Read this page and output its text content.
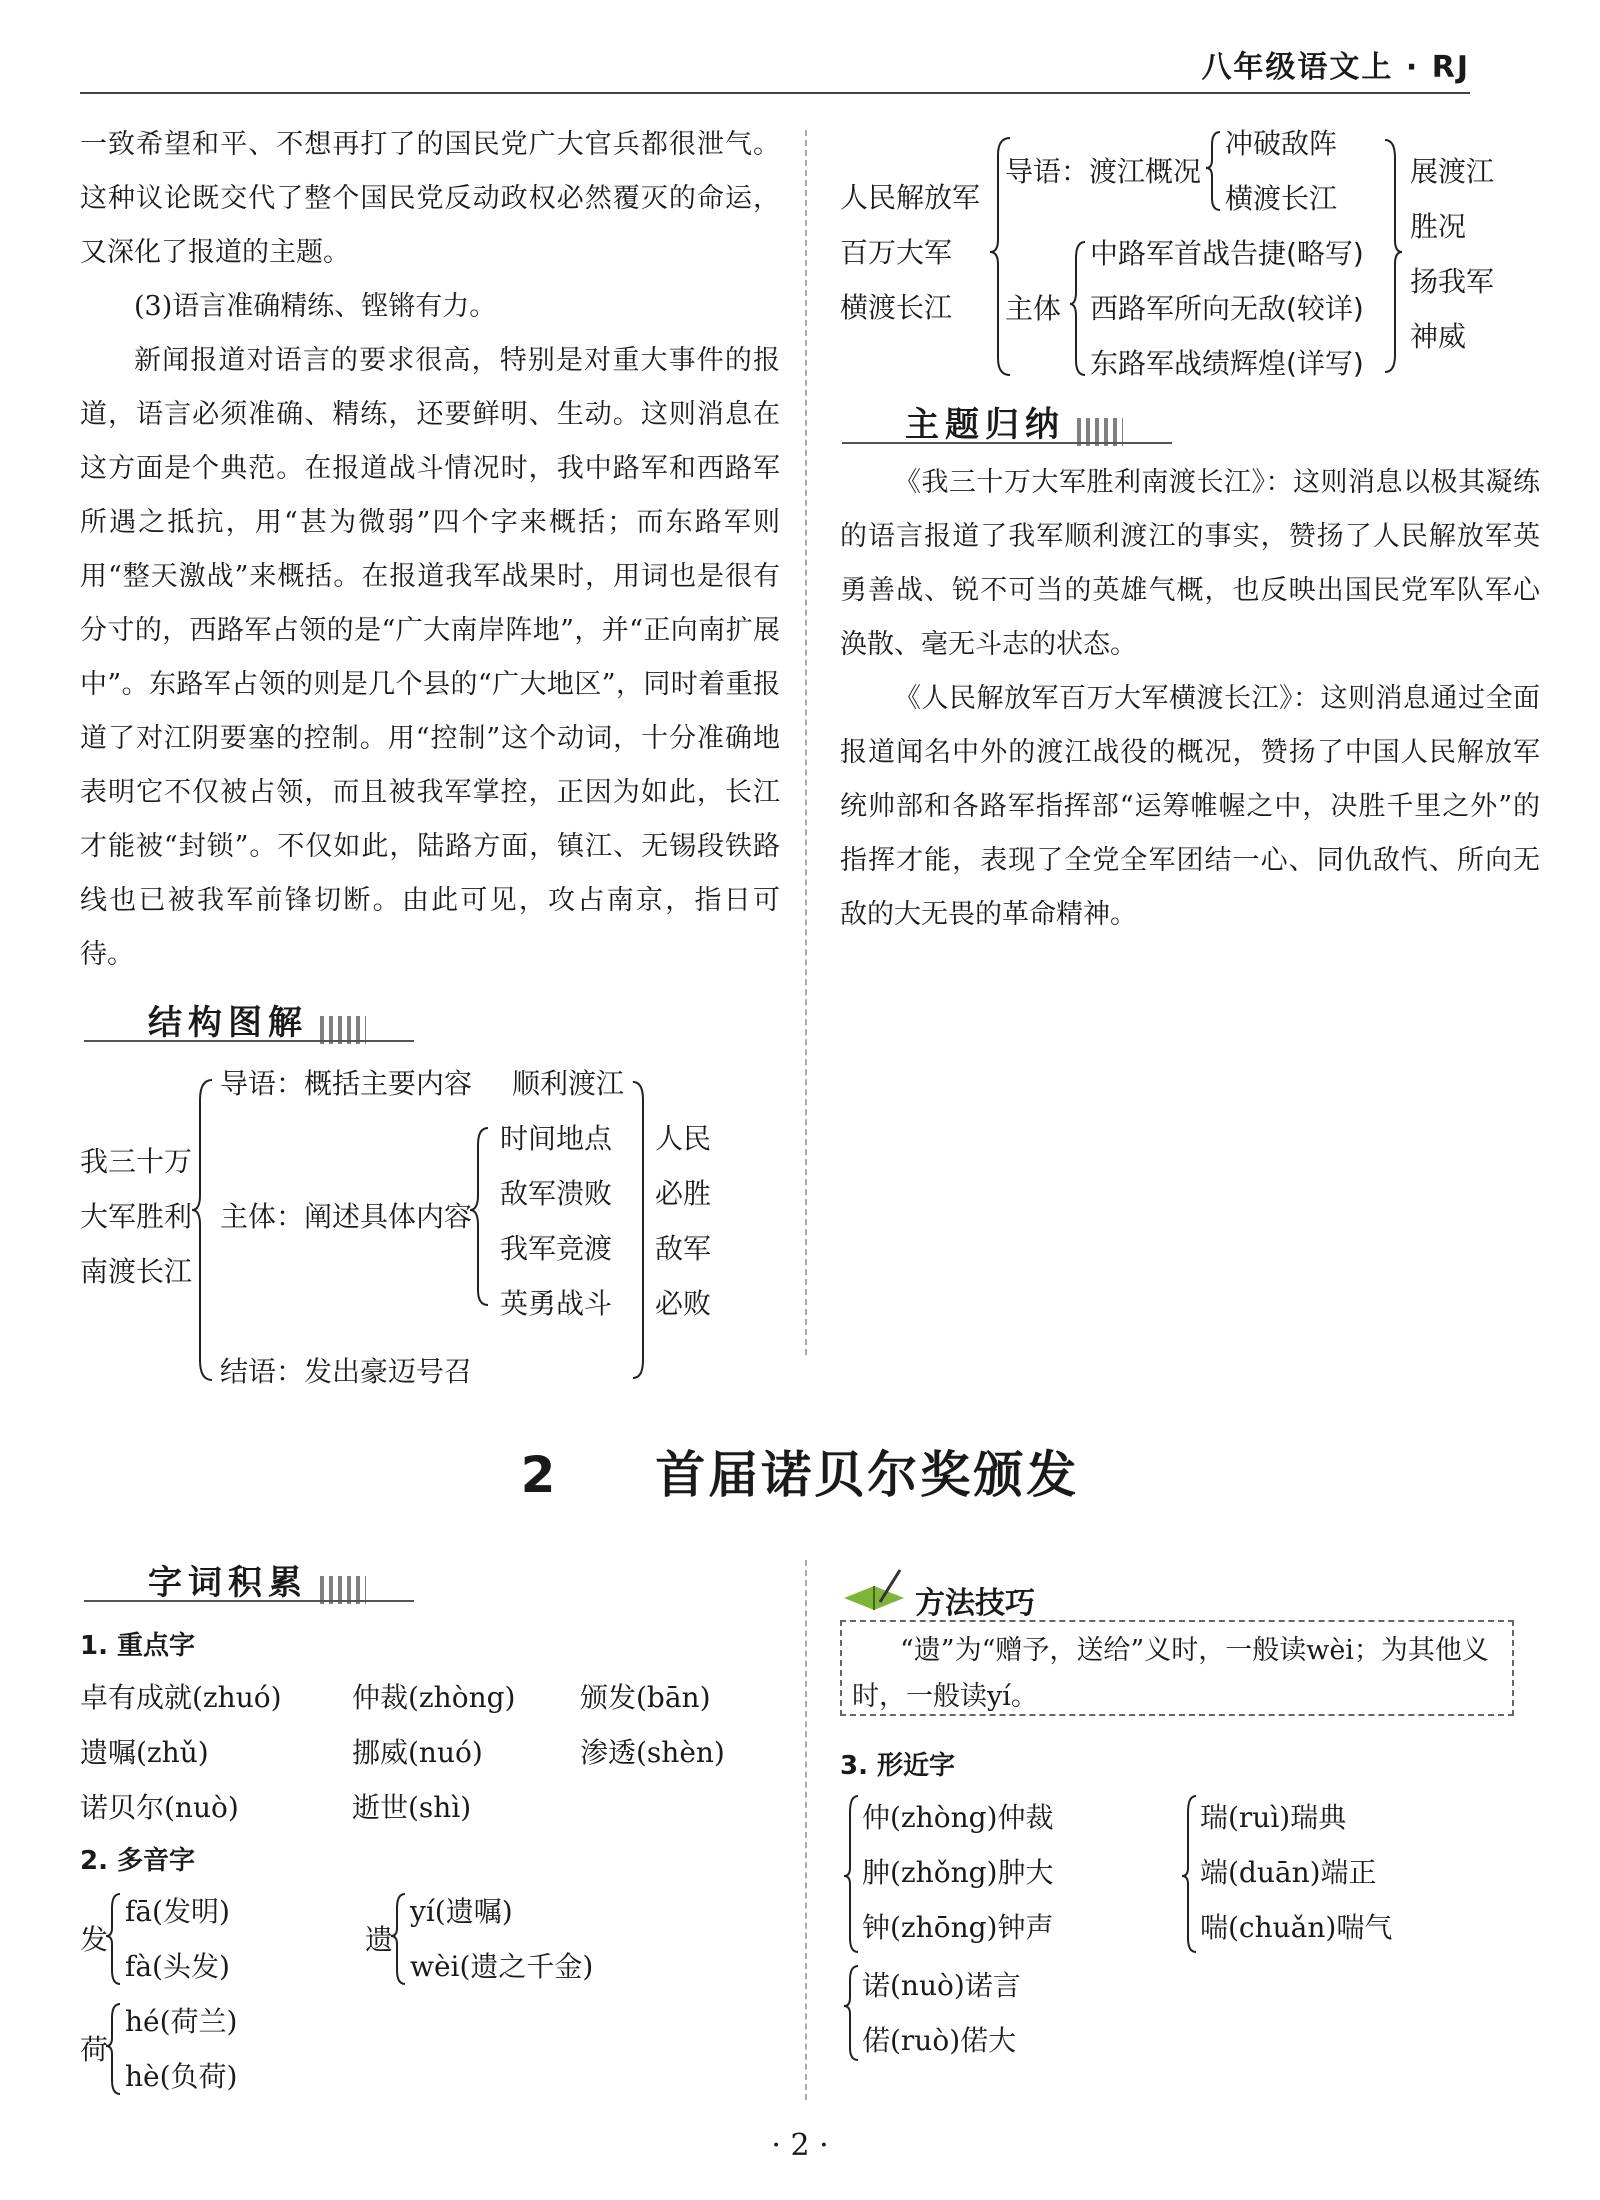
八年级语文上 · RJ
一致希望和平、不想再打了的国民党广大官兵都很泄气。这种议论既交代了整个国民党反动政权必然覆灭的命运，又深化了报道的主题。
(3)语言准确精练、铿锵有力。
新闻报道对语言的要求很高，特别是对重大事件的报道，语言必须准确、精练，还要鲜明、生动。这则消息在这方面是个典范。在报道战斗情况时，我中路军和西路军所遇之抵抗，用“甚为微弱”四个字来概括；而东路军则用“整天激战”来概括。在报道我军战果时，用词也是很有分寸的，西路军占领的是“广大南岸阵地”，并“正向南扩展中”。东路军占领的则是几个县的“广大地区”，同时着重报道了对江阴要塞的控制。用“控制”这个动词，十分准确地表明它不仅被占领，而且被我军掌控，正因为如此，长江才能被“封锁”。不仅如此，陆路方面，镇江、无锡段铁路线也已被我军前锋切断。由此可见，攻占南京，指日可待。
结构图解
我三十万
大军胜利
南渡长江
导语：概括主要内容 顺利渡江
主体：阐述具体内容
时间地点
敌军溃败
我军竞渡
英勇战斗
人民
必胜
敌军
必败
结语：发出豪迈号召
人民解放军
百万大军
横渡长江
导语：渡江概况
冲破敌阵
横渡长江
主体
中路军首战告捷(略写)
西路军所向无敌(较详)
东路军战绩辉煌(详写)
展渡江
胜况
扬我军
神威
主题归纳
《我三十万大军胜利南渡长江》：这则消息以极其凝练的语言报道了我军顺利渡江的事实，赞扬了人民解放军英勇善战、锐不可当的英雄气概，也反映出国民党军队军心涣散、毫无斗志的状态。
《人民解放军百万大军横渡长江》：这则消息通过全面报道闻名中外的渡江战役的概况，赞扬了中国人民解放军统帅部和各路军指挥部“运筹帷幄之中，决胜千里之外”的指挥才能，表现了全党全军团结一心、同仇敌忾、所向无敌的大无畏的革命精神。
2 首届诺贝尔奖颁发
字词积累
1. 重点字
卓有成就(zhuó)	仲裁(zhòng) 颁发(bān)
遗嘱(zhǔ)	挪威(nuó)	渗透(shèn)
诺贝尔(nuò)	逝世(shì)
2. 多音字
发
fā(发明)
fà(头发)
遗
yí(遗嘱)
wèi(遗之千金)
荷
hé(荷兰)
hè(负荷)
方法技巧
“遗”为“赠予，送给”义时，一般读wèi；为其他义时，一般读yí。
3. 形近字
仲(zhòng)仲裁
肿(zhǒng)肿大
钟(zhōng)钟声
瑞(ruì)瑞典
端(duān)端正
喘(chuǎn)喘气
诺(nuò)诺言
偌(ruò)偌大
· 2 ·
